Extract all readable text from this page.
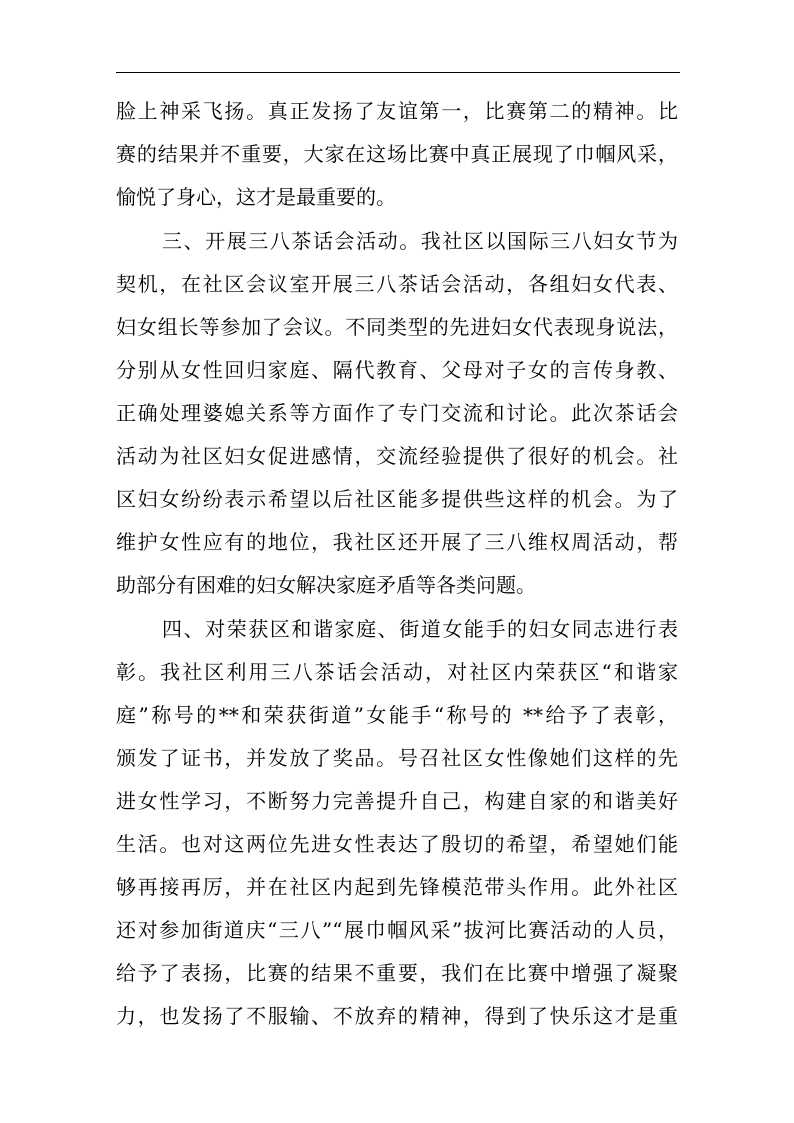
脸上神采飞扬。真正发扬了友谊第一，比赛第二的精神。比
赛的结果并不重要，大家在这场比赛中真正展现了巾帼风采，
愉悦了身心，这才是最重要的。
三、开展三八茶话会活动。我社区以国际三八妇女节为
契机，在社区会议室开展三八茶话会活动，各组妇女代表、
妇女组长等参加了会议。不同类型的先进妇女代表现身说法，
分别从女性回归家庭、隔代教育、父母对子女的言传身教、
正确处理婆媳关系等方面作了专门交流和讨论。此次茶话会
活动为社区妇女促进感情，交流经验提供了很好的机会。社
区妇女纷纷表示希望以后社区能多提供些这样的机会。为了
维护女性应有的地位，我社区还开展了三八维权周活动，帮
助部分有困难的妇女解决家庭矛盾等各类问题。
四、对荣获区和谐家庭、街道女能手的妇女同志进行表
彰。我社区利用三八茶话会活动，对社区内荣获区“和谐家
庭”称号的**和荣获街道”女能手“称号的 **给予了表彰，
颁发了证书，并发放了奖品。号召社区女性像她们这样的先
进女性学习，不断努力完善提升自己，构建自家的和谐美好
生活。也对这两位先进女性表达了殷切的希望，希望她们能
够再接再厉，并在社区内起到先锋模范带头作用。此外社区
还对参加街道庆“三八”“展巾帼风采”拔河比赛活动的人员，
给予了表扬，比赛的结果不重要，我们在比赛中增强了凝聚
力，也发扬了不服输、不放弃的精神，得到了快乐这才是重
